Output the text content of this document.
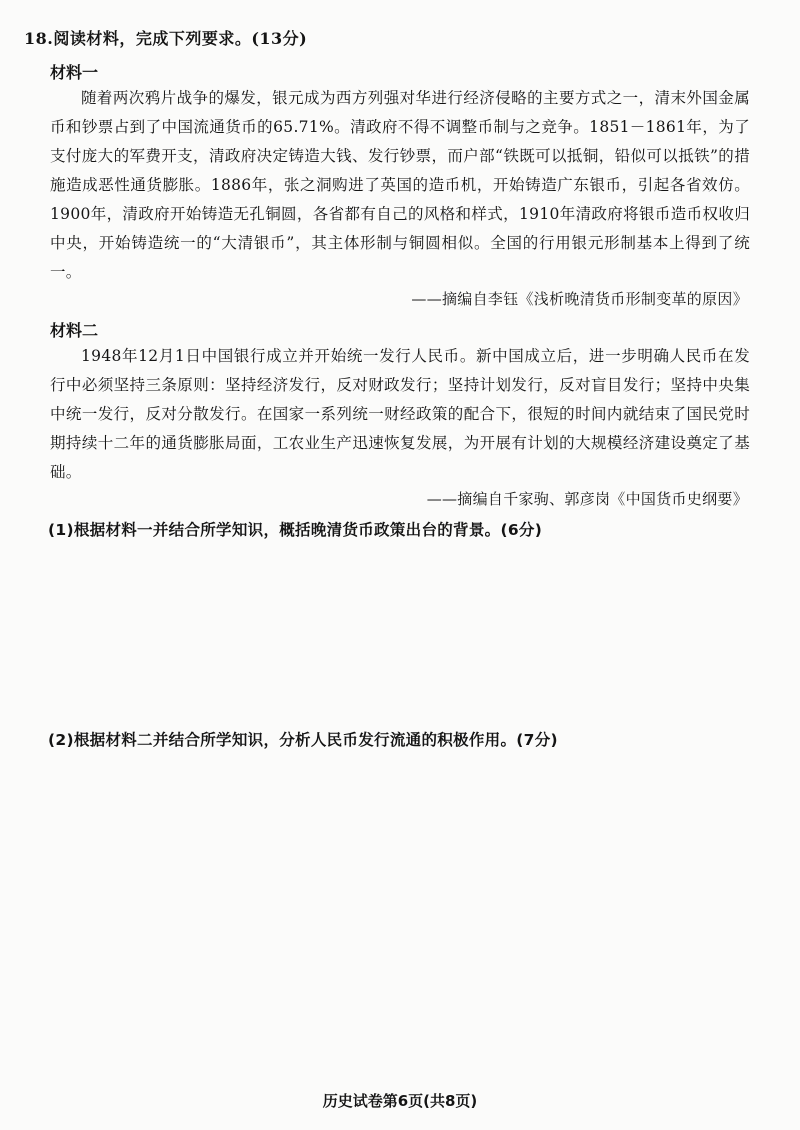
18.阅读材料，完成下列要求。(13分)
材料一

随着两次鸦片战争的爆发，银元成为西方列强对华进行经济侵略的主要方式之一，清末外国金属币和钞票占到了中国流通货币的65.71%。清政府不得不调整币制与之竞争。1851－1861年，为了支付庞大的军费开支，清政府决定铸造大钱、发行钞票，而户部“铁既可以抵铜，铅似可以抵铁”的措施造成恶性通货膨胀。1886年，张之洞购进了英国的造币机，开始铸造广东银币，引起各省效仿。1900年，清政府开始铸造无孔铜圆，各省都有自己的风格和样式，1910年清政府将银币造币权收归中央，开始铸造统一的“大清银币”，其主体形制与铜圆相似。全国的行用银元形制基本上得到了统一。

——摘编自李钰《浅析晚清货币形制变革的原因》
材料二

1948年12月1日中国银行成立并开始统一发行人民币。新中国成立后，进一步明确人民币在发行中必须坚持三条原则：坚持经济发行，反对财政发行；坚持计划发行，反对盲目发行；坚持中央集中统一发行，反对分散发行。在国家一系列统一财经政策的配合下，很短的时间内就结束了国民党时期持续十二年的通货膨胀局面，工农业生产迅速恢复发展，为开展有计划的大规模经济建设奠定了基础。

——摘编自千家驹、郭彦岗《中国货币史纲要》
(1)根据材料一并结合所学知识，概括晚清货币政策出台的背景。(6分)
(2)根据材料二并结合所学知识，分析人民币发行流通的积极作用。(7分)
历史试卷第6页(共8页)
